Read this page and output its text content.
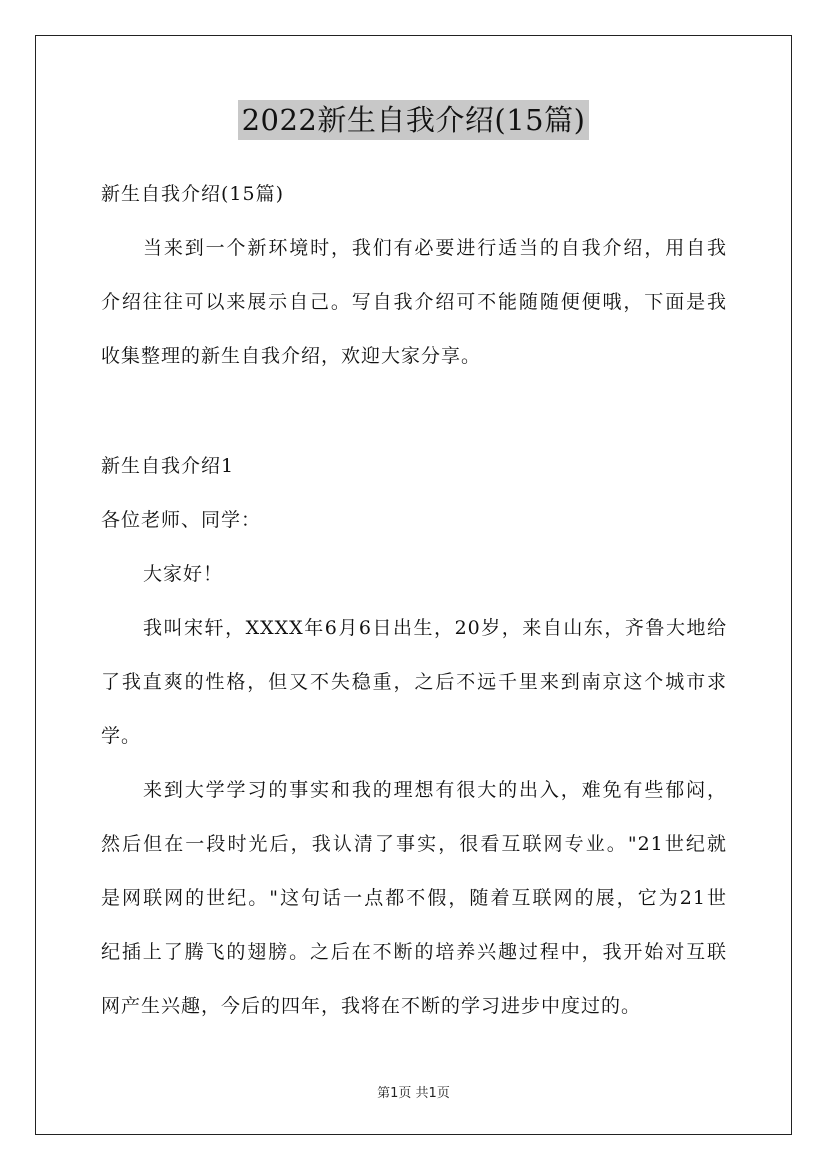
2022新生自我介绍(15篇)
新生自我介绍(15篇)
当来到一个新环境时，我们有必要进行适当的自我介绍，用自我
介绍往往可以来展示自己。写自我介绍可不能随随便便哦，下面是我
收集整理的新生自我介绍，欢迎大家分享。
新生自我介绍1
各位老师、同学：
大家好！
我叫宋轩，XXXX年6月6日出生，20岁，来自山东，齐鲁大地给
了我直爽的性格，但又不失稳重，之后不远千里来到南京这个城市求
学。
来到大学学习的事实和我的理想有很大的出入，难免有些郁闷，
然后但在一段时光后，我认清了事实，很看互联网专业。"21世纪就
是网联网的世纪。"这句话一点都不假，随着互联网的展，它为21世
纪插上了腾飞的翅膀。之后在不断的培养兴趣过程中，我开始对互联
网产生兴趣，今后的四年，我将在不断的学习进步中度过的。
第1页 共1页
